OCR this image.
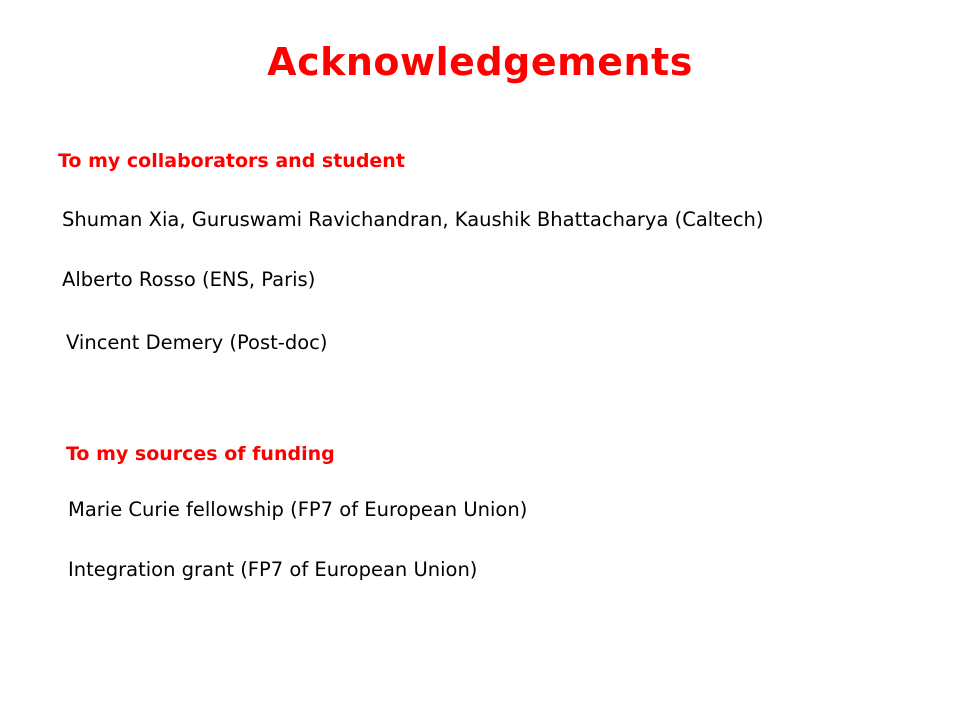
Acknowledgements
To my collaborators and student
Shuman Xia, Guruswami Ravichandran, Kaushik Bhattacharya (Caltech)
Alberto Rosso (ENS, Paris)
Vincent Demery (Post-doc)
To my sources of funding
Marie Curie fellowship (FP7 of European Union)
Integration grant (FP7 of European Union)
